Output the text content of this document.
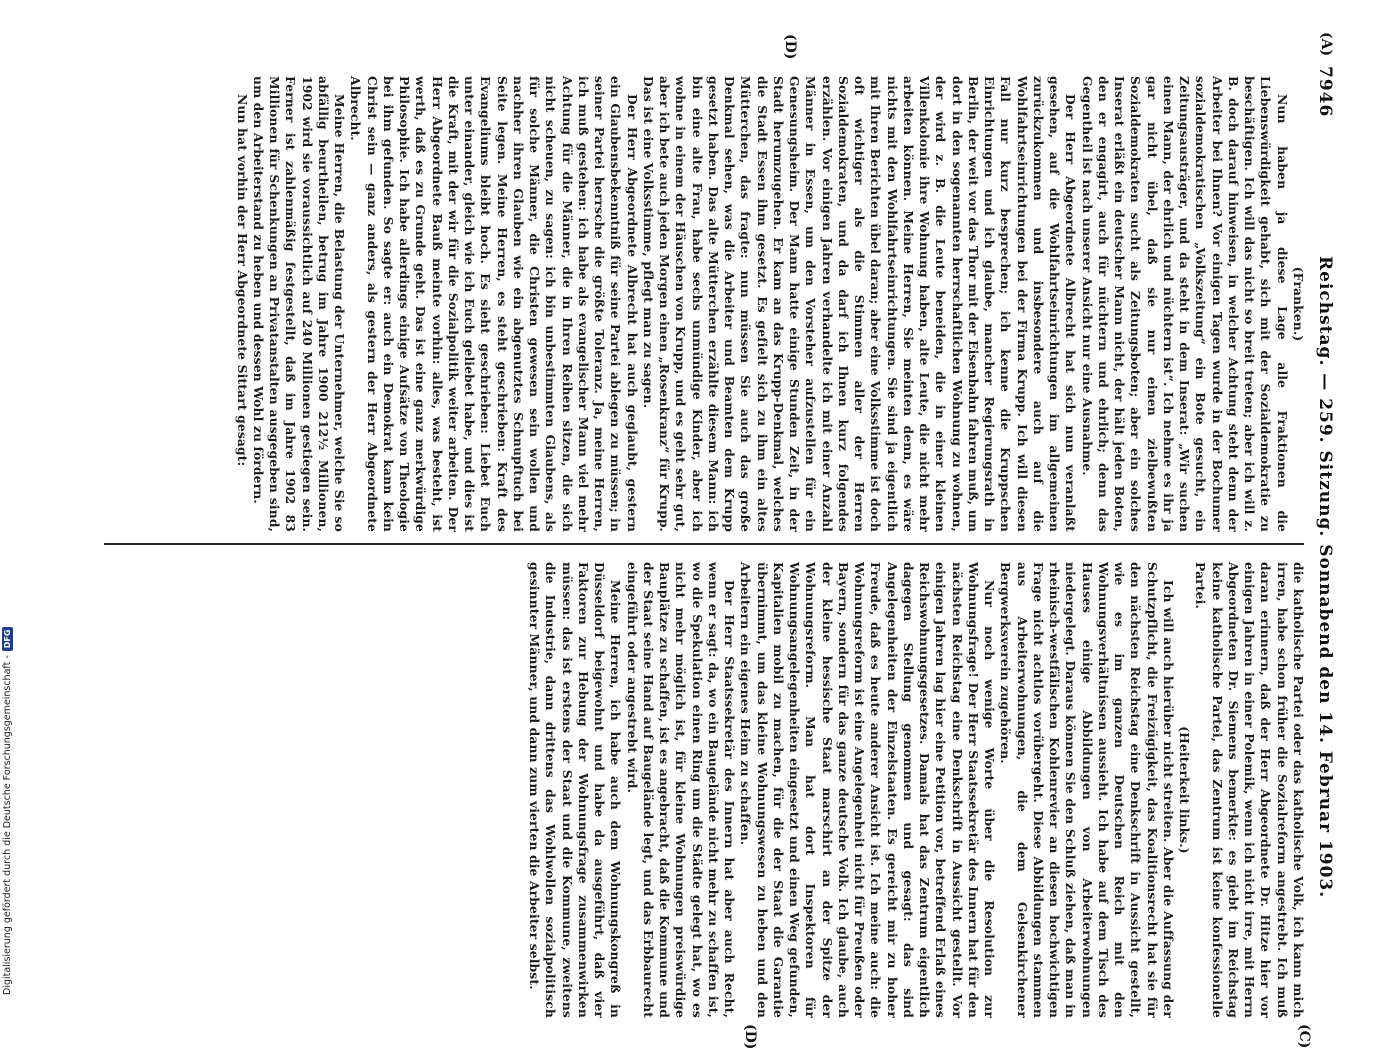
7946
Reichstag. — 259. Sitzung. Sonnabend den 14. Februar 1903.
(A)
(D)
(C)
(D)

(Franken.)

Nun haben ja diese Lage alle Fraktionen die Liebenswürdigkeit gehabt, sich mit der Sozialdemokratie zu beschäftigen. Ich will das nicht so breit treten; aber ich will z. B. doch darauf hinweisen, in welcher Achtung steht denn der Arbeiter bei Ihnen? Vor einigen Tagen wurde in der Bochumer sozialdemokratischen „Volkszeitung“ ein Bote gesucht, ein Zeitungsausträger, und da steht in dem Inserat: „Wir suchen einen Mann, der ehrlich und nüchtern ist“. Ich nehme es ihr ja gar nicht übel, daß sie nur einen zielbewußten Sozialdemokraten sucht als Zeitungsboten; aber ein solches Inserat erläßt ein deutscher Mann nicht, der hält jeden Boten, den er engagirt, auch für nüchtern und ehrlich; denn das Gegentheil ist nach unserer Ansicht nur eine Ausnahme.

Der Herr Abgeordnete Albrecht hat sich nun veranlaßt gesehen, auf die Wohlfahrtseinrichtungen im allgemeinen zurückzukommen und insbesondere auch auf die Wohlfahrtseinrichtungen bei der Firma Krupp. Ich will diesen Fall nur kurz besprechen; ich kenne die Kruppschen Einrichtungen und ich glaube, mancher Regierungsrath in Berlin, der weit vor das Thor mit der Eisenbahn fahren muß, um dort in den sogenannten herrschaftlichen Wohnung zu wohnen, der wird z. B. die Leute beneiden, die in einer kleinen Villenkolonie ihre Wohnung haben, alte Leute, die nicht mehr arbeiten können. Meine Herren, Sie meinten denn, es wäre nichts mit den Wohlfahrtseinrichtungen. Sie sind ja eigentlich mit Ihren Berichten übel daran; aber eine Volksstimme ist doch oft wichtiger als die Stimmen aller der Herren Sozialdemokraten, und da darf ich Ihnen kurz folgendes erzählen. Vor einigen Jahren verhandelte ich mit einer Anzahl Männer in Essen, um den Vorsteher aufzustellen für ein Genesungsheim. Der Mann hatte einige Stunden Zeit, in der Stadt herumzugehen. Er kam an das Krupp-Denkmal, welches die Stadt Essen ihm gesetzt. Es gefielt sich zu ihm ein altes Mütterchen, das fragte: nun müssen Sie auch das große Denkmal sehen, was die Arbeiter und Beamten dem Krupp gesetzt haben. Das alte Mütterchen erzählte diesem Mann: ich bin eine alte Frau, habe sechs unmündige Kinder, aber ich wohne in einem der Häuschen von Krupp, und es geht sehr gut, aber ich bete auch jeden Morgen einen „Rosenkranz“ für Krupp. Das ist eine Volksstimme, pflegt man zu sagen.

Der Herr Abgeordnete Albrecht hat auch geglaubt, gestern ein Glaubensbekenntniß für seine Partei ablegen zu müssen; in seiner Partei herrsche die größte Toleranz. Ja, meine Herren, ich muß gestehen: ich habe als evangelischer Mann viel mehr Achtung für die Männer, die in Ihren Reihen sitzen, die sich nicht scheuen, zu sagen: ich bin unbestimmten Glaubens, als für solche Männer, die Christen gewesen sein wollen und nachher ihren Glauben wie ein abgenutztes Schnupftuch bei Seite legen. Meine Herren, es steht geschrieben: Kraft des Evangeliums bleibt hoch. Es sieht geschrieben: Liebet Euch unter einander, gleich wie ich Euch geliebet habe, und dies ist die Kraft, mit der wir für die Sozialpolitik weiter arbeiten. Der Herr Abgeordnete Bauß meinte vorhin: alles, was besteht, ist werth, daß es zu Grunde geht. Das ist eine ganz merkwürdige Philosophie. Ich habe allerdings einige Aufsätze von Theologie bei ihm gefunden. So sagte er: auch ein Demokrat kann kein Christ sein — ganz anders, als gestern der Herr Abgeordnete Albrecht.

Meine Herren, die Belastung der Unternehmer, welche Sie so abfällig beurtheilen, betrug im Jahre 1900 212½ Millionen, 1902 wird sie voraussichtlich auf 240 Millionen gestiegen sein. Ferner ist zahlenmäßig festgestellt, daß im Jahre 1902 83 Millionen für Schenkungen an Privatanstalten ausgegeben sind, um den Arbeiterstand zu heben und dessen Wohl zu fördern.

Nun hat vorhin der Herr Abgeordnete Sittart gesagt:

die katholische Partei oder das katholische Volk, ich kann mich irren, habe schon früher die Sozialreform angestrebt. Ich muß daran erinnern, daß der Herr Abgeordnete Dr. Hitze hier vor einigen Jahren in einer Polemik, wenn ich nicht irre, mit Herrn Abgeordneten Dr. Siemens bemerkte: es giebt im Reichstag keine katholische Partei, das Zentrum ist keine konfessionelle Partei.

(Heiterkeit links.)

Ich will auch hierüber nicht streiten. Aber die Auffassung der Schutzpflicht, die Freizügigkeit, das Koalitionsrecht hat sie für den nächsten Reichstag eine Denkschrift in Aussicht gestellt, wie es im ganzen Deutschen Reich mit den Wohnungsverhältnissen aussieht. Ich habe auf dem Tisch des Hauses einige Abbildungen von Arbeiterwohnungen niedergelegt. Daraus können Sie den Schluß ziehen, daß man in rheinisch-westfälischen Kohlenrevier an diesen hochwichtigen Frage nicht achtlos vorübergeht. Diese Abbildungen stammen aus Arbeiterwohnungen, die dem Gelsenkirchener Bergwerksverein zugehören.

Nur noch wenige Worte über die Resolution zur Wohnungsfrage! Der Herr Staatssekretär des Innern hat für den nächsten Reichstag eine Denkschrift in Aussicht gestellt. Vor einigen Jahren lag hier eine Petition vor, betreffend Erlaß eines Reichswohnungsgesetzes. Damals hat das Zentrum eigentlich dagegen Stellung genommen und gesagt: das sind Angelegenheiten der Einzelstaaten. Es gereicht mir zu hoher Freude, daß es heute anderer Ansicht ist. Ich meine auch: die Wohnungsreform ist eine Angelegenheit nicht für Preußen oder Bayern, sondern für das ganze deutsche Volk. Ich glaube, auch der kleine hessische Staat marschirt an der Spitze der Wohnungsreform. Man hat dort Inspektoren für Wohnungsangelegenheiten eingesetzt und einen Weg gefunden, Kapitalien mobil zu machen, für die der Staat die Garantie übernimmt, um das kleine Wohnungswesen zu heben und den Arbeitern ein eigenes Heim zu schaffen.

Der Herr Staatssekretär des Innern hat aber auch Recht, wenn er sagt: da, wo ein Baugelände nicht mehr zu schaffen ist, wo die Spekulation einen Ring um die Städte gelegt hat, wo es nicht mehr möglich ist, für kleine Wohnungen preiswürdige Bauplätze zu schaffen, ist es angebracht, daß die Kommune und der Staat seine Hand auf Baugelände legt, und das Erbbaurecht eingeführt oder angestrebt wird.

Meine Herren, ich habe auch dem Wohnungskongreß in Düsseldorf beigewohnt und habe da ausgeführt, daß vier Faktoren zur Hebung der Wohnungsfrage zusammenwirken müssen: das ist erstens der Staat und die Kommune, zweitens die Industrie, dann drittens das Wohlwollen sozialpolitisch gesinnter Männer, und dann zum vierten die Arbeiter selbst.

Digitalisierung gefördert durch die Deutsche Forschungsgemeinschaft -
DFG
